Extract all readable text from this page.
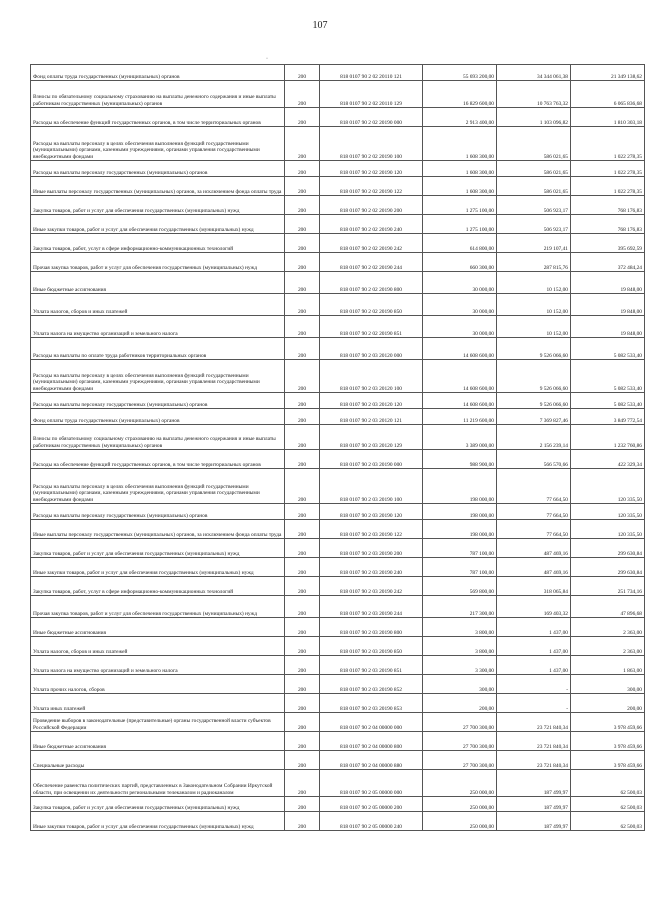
107
·
Фонд оплаты труда государственных (муниципальных) органов	200	818 0107 90 2 02 20110 121	55 693 200,00	34 344 061,38	21 349 138,62
Взносы по обязательному социальному страхованию на выплаты денежного содержания и иные выплаты работникам государственных (муниципальных) органов	200	818 0107 90 2 02 20110 129	16 829 600,00	10 763 763,32	6 065 836,68
Расходы на обеспечение функций государственных органов, в том числе территориальных органов	200	818 0107 90 2 02 20190 000	2 913 400,00	1 103 096,82	1 810 303,18
Расходы на выплаты персоналу в целях обеспечения выполнения функций государственными (муниципальными) органами, казенными учреждениями, органами управления государственными внебюджетными фондами	200	818 0107 90 2 02 20190 100	1 608 300,00	586 021,65	1 022 278,35
Расходы на выплаты персоналу государственных (муниципальных) органов	200	818 0107 90 2 02 20190 120	1 608 300,00	586 021,65	1 022 278,35
Иные выплаты персоналу государственных (муниципальных) органов, за исключением фонда оплаты труда	200	818 0107 90 2 02 20190 122	1 608 300,00	586 021,65	1 022 278,35
Закупка товаров, работ и услуг для обеспечения государственных (муниципальных) нужд	200	818 0107 90 2 02 20190 200	1 275 100,00	506 923,17	768 176,83
Иные закупки товаров, работ и услуг для обеспечения государственных (муниципальных) нужд	200	818 0107 90 2 02 20190 240	1 275 100,00	506 923,17	768 176,83
Закупка товаров, работ, услуг в сфере информационно-коммуникационных технологий	200	818 0107 90 2 02 20190 242	614 800,00	219 107,41	395 692,59
Прочая закупка товаров, работ и услуг для обеспечения государственных (муниципальных) нужд	200	818 0107 90 2 02 20190 244	660 300,00	287 815,76	372 484,24
Иные бюджетные ассигнования	200	818 0107 90 2 02 20190 800	30 000,00	10 152,00	19 848,00
Уплата налогов, сборов и иных платежей	200	818 0107 90 2 02 20190 850	30 000,00	10 152,00	19 848,00
Уплата налога на имущество организаций и земельного налога	200	818 0107 90 2 02 20190 851	30 000,00	10 152,00	19 848,00
Расходы на выплаты по оплате труда работников территориальных органов	200	818 0107 90 2 03 20120 000	14 608 600,00	9 526 066,60	5 082 533,40
Расходы на выплаты персоналу в целях обеспечения выполнения функций государственными (муниципальными) органами, казенными учреждениями, органами управления государственными внебюджетными фондами	200	818 0107 90 2 03 20120 100	14 608 600,00	9 526 066,60	5 082 533,40
Расходы на выплаты персоналу государственных (муниципальных) органов	200	818 0107 90 2 03 20120 120	14 608 600,00	9 526 066,60	5 082 533,40
Фонд оплаты труда государственных (муниципальных) органов	200	818 0107 90 2 03 20120 121	11 219 600,00	7 369 827,46	3 849 772,54
Взносы по обязательному социальному страхованию на выплаты денежного содержания и иные выплаты работникам государственных (муниципальных) органов	200	818 0107 90 2 03 20120 129	3 389 000,00	2 156 239,14	1 232 760,86
Расходы на обеспечение функций государственных органов, в том числе территориальных органов	200	818 0107 90 2 03 20190 000	988 900,00	566 570,66	422 329,34
Расходы на выплаты персоналу в целях обеспечения выполнения функций государственными (муниципальными) органами, казенными учреждениями, органами управления государственными внебюджетными фондами	200	818 0107 90 2 03 20190 100	198 000,00	77 664,50	120 335,50
Расходы на выплаты персоналу государственных (муниципальных) органов	200	818 0107 90 2 03 20190 120	198 000,00	77 664,50	120 335,50
Иные выплаты персоналу государственных (муниципальных) органов, за исключением фонда оплаты труда	200	818 0107 90 2 03 20190 122	198 000,00	77 664,50	120 335,50
Закупка товаров, работ и услуг для обеспечения государственных (муниципальных) нужд	200	818 0107 90 2 03 20190 200	787 100,00	487 469,16	299 630,84
Иные закупки товаров, работ и услуг для обеспечения государственных (муниципальных) нужд	200	818 0107 90 2 03 20190 240	787 100,00	487 469,16	299 630,84
Закупка товаров, работ, услуг в сфере информационно-коммуникационных технологий	200	818 0107 90 2 03 20190 242	569 800,00	318 065,84	251 734,16
Прочая закупка товаров, работ и услуг для обеспечения государственных (муниципальных) нужд	200	818 0107 90 2 03 20190 244	217 300,00	169 403,32	47 896,68
Иные бюджетные ассигнования	200	818 0107 90 2 03 20190 800	3 800,00	1 437,00	2 363,00
Уплата налогов, сборов и иных платежей	200	818 0107 90 2 03 20190 850	3 800,00	1 437,00	2 363,00
Уплата налога на имущество организаций и земельного налога	200	818 0107 90 2 03 20190 851	3 300,00	1 437,00	1 863,00
Уплата прочих налогов, сборов	200	818 0107 90 2 03 20190 852	300,00	-	300,00
Уплата иных платежей	200	818 0107 90 2 03 20190 853	200,00	-	200,00
Проведение выборов в законодательные (представительные) органы государственной власти субъектов Российской Федерации	200	818 0107 90 2 04 00000 000	27 700 300,00	23 721 840,34	3 978 459,66
Иные бюджетные ассигнования	200	818 0107 90 2 04 00000 800	27 700 300,00	23 721 840,34	3 978 459,66
Специальные расходы	200	818 0107 90 2 04 00000 880	27 700 300,00	23 721 840,34	3 978 459,66
Обеспечение равенства политических партий, представленных в Законодательном Собрании Иркутской области, при освещении их деятельности региональными телеканалом и радиоканалом	200	818 0107 90 2 05 00000 000	250 000,00	187 499,97	62 500,03
Закупка товаров, работ и услуг для обеспечения государственных (муниципальных) нужд	200	818 0107 90 2 05 00000 200	250 000,00	187 499,97	62 500,03
Иные закупки товаров, работ и услуг для обеспечения государственных (муниципальных) нужд	200	818 0107 90 2 05 00000 240	250 000,00	187 499,97	62 500,03
